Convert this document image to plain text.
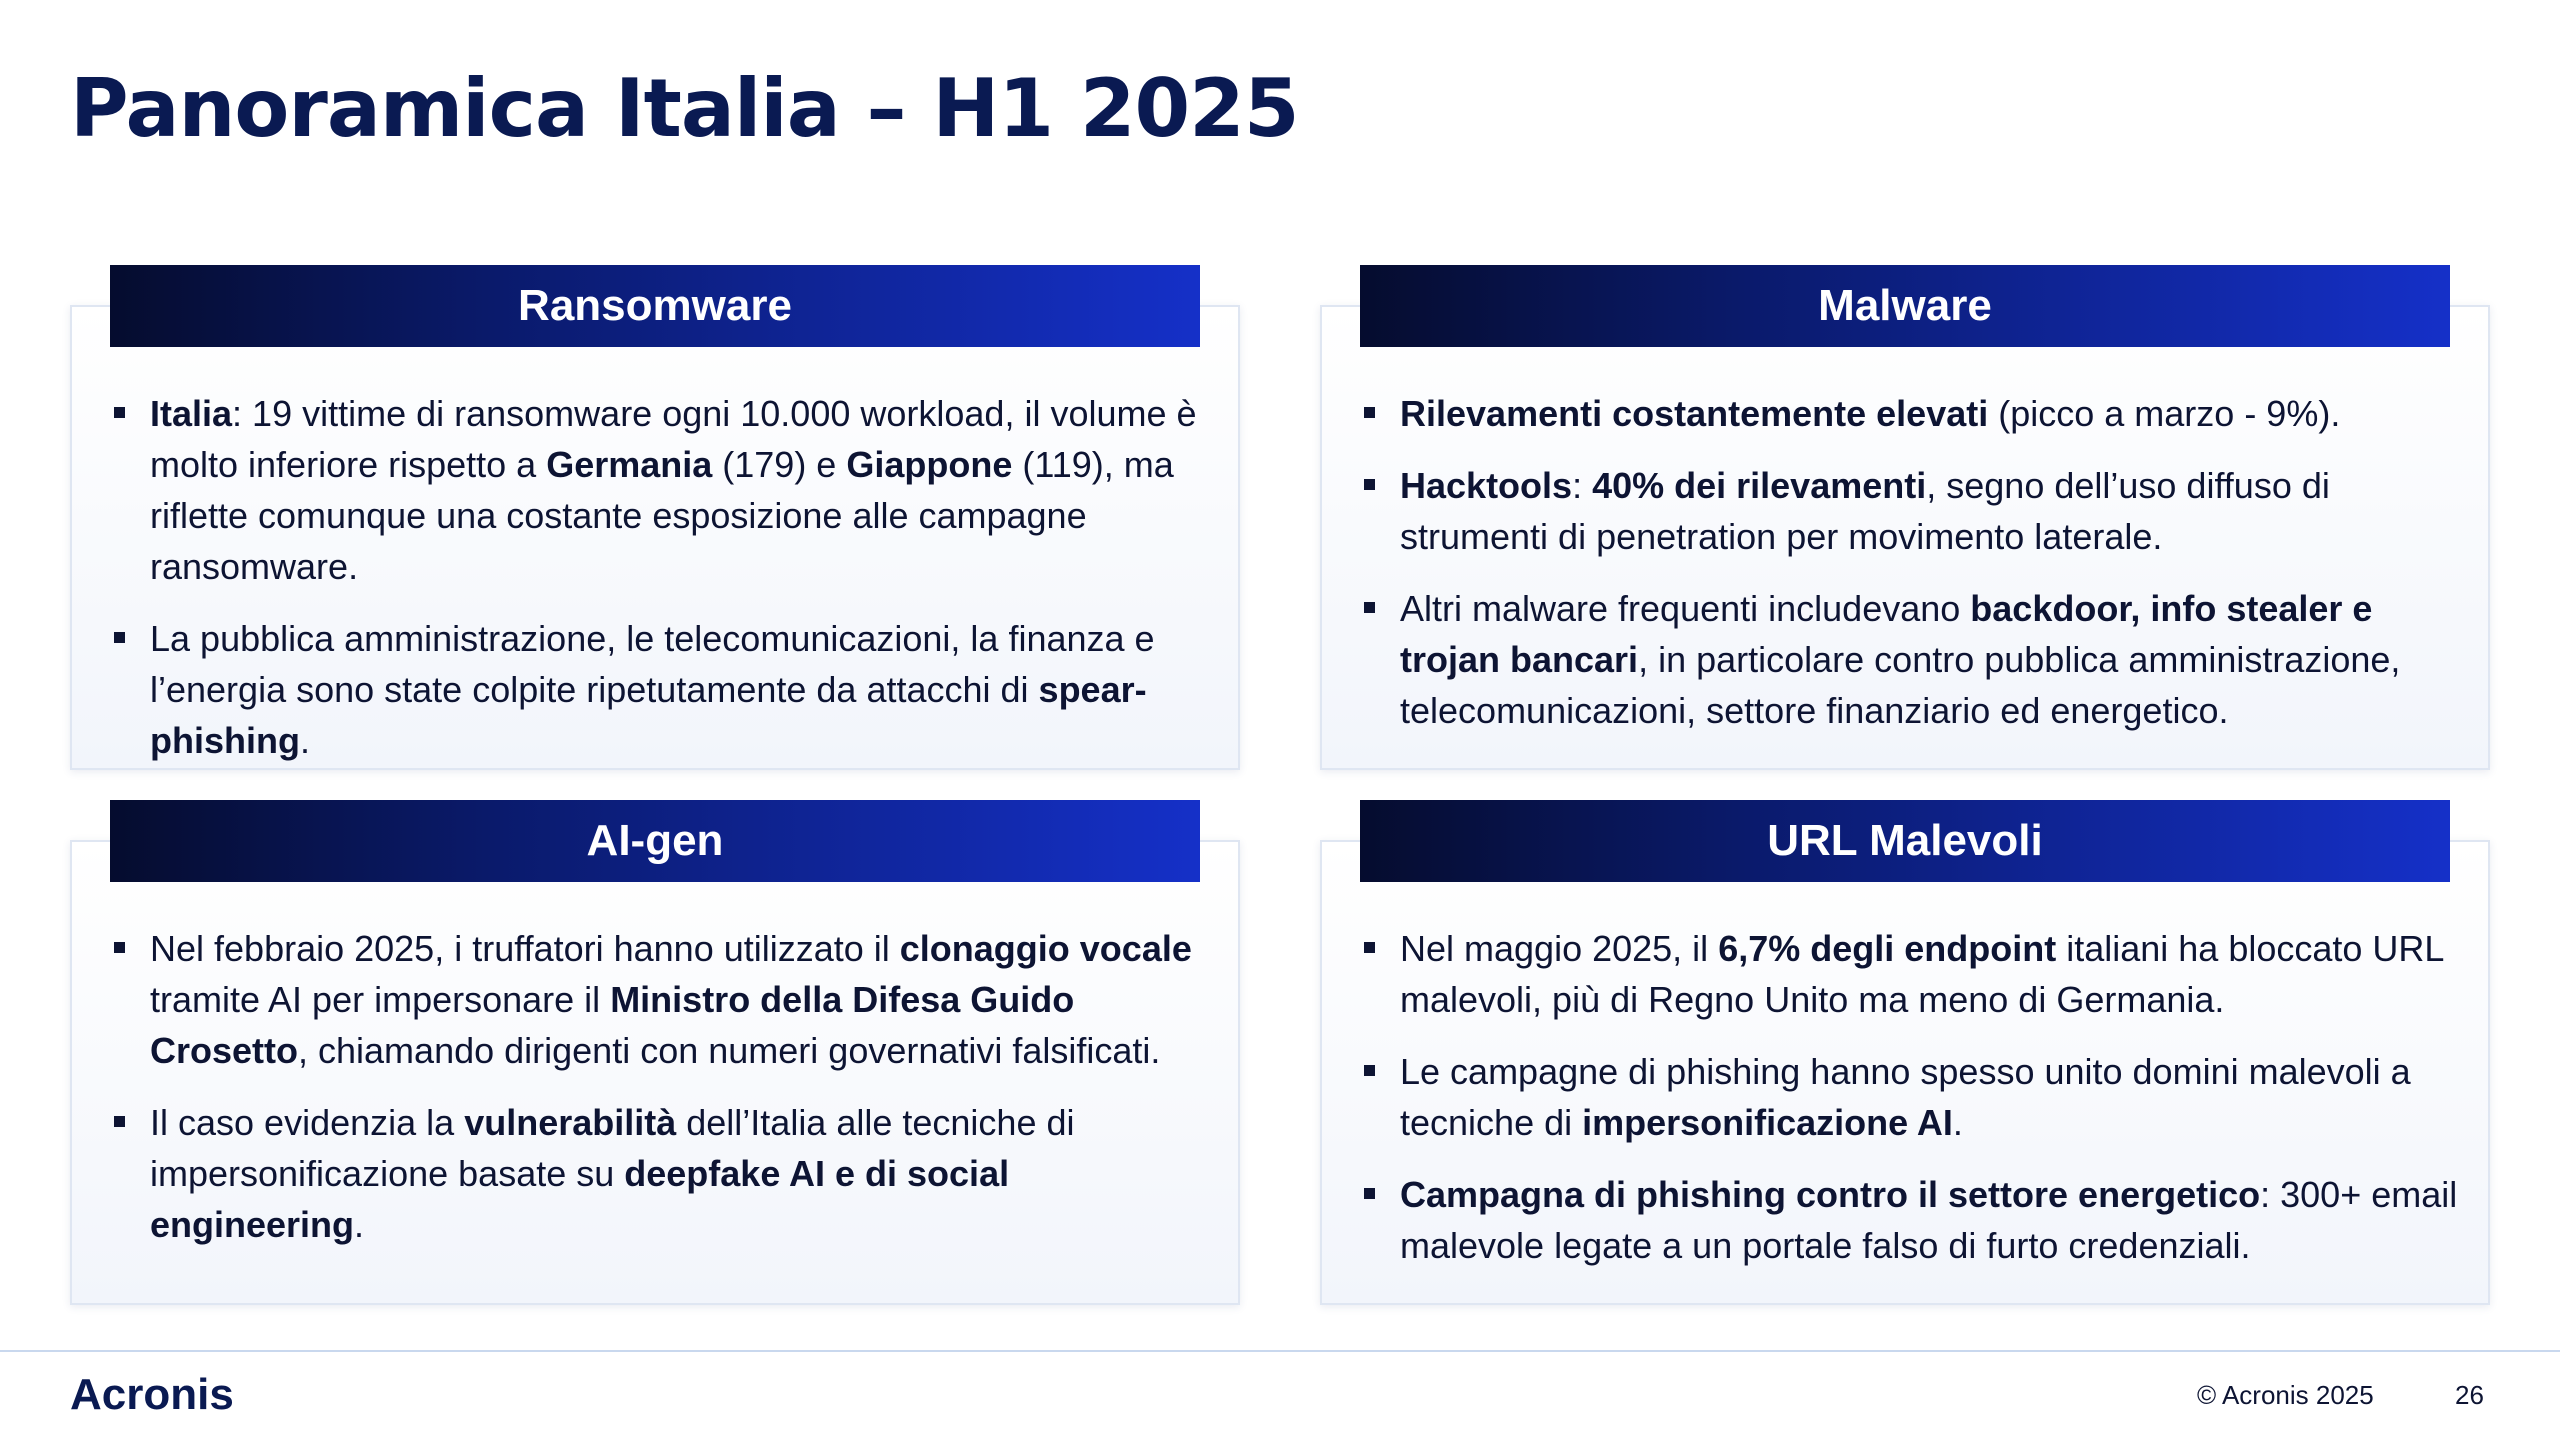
Panoramica Italia – H1 2025
Ransomware
Italia: 19 vittime di ransomware ogni 10.000 workload, il volume è molto inferiore rispetto a Germania (179) e Giappone (119), ma riflette comunque una costante esposizione alle campagne ransomware.
La pubblica amministrazione, le telecomunicazioni, la finanza e l’energia sono state colpite ripetutamente da attacchi di spear-phishing.
Malware
Rilevamenti costantemente elevati (picco a marzo - 9%).
Hacktools: 40% dei rilevamenti, segno dell’uso diffuso di strumenti di penetration per movimento laterale.
Altri malware frequenti includevano backdoor, info stealer e trojan bancari, in particolare contro pubblica amministrazione, telecomunicazioni, settore finanziario ed energetico.
AI-gen
Nel febbraio 2025, i truffatori hanno utilizzato il clonaggio vocale tramite AI per impersonare il Ministro della Difesa Guido Crosetto, chiamando dirigenti con numeri governativi falsificati.
Il caso evidenzia la vulnerabilità dell’Italia alle tecniche di impersonificazione basate su deepfake AI e di social engineering.
URL Malevoli
Nel maggio 2025, il 6,7% degli endpoint italiani ha bloccato URL malevoli, più di Regno Unito ma meno di Germania.
Le campagne di phishing hanno spesso unito domini malevoli a tecniche di impersonificazione AI.
Campagna di phishing contro il settore energetico: 300+ email malevole legate a un portale falso di furto credenziali.
Acronis	© Acronis 2025	26
